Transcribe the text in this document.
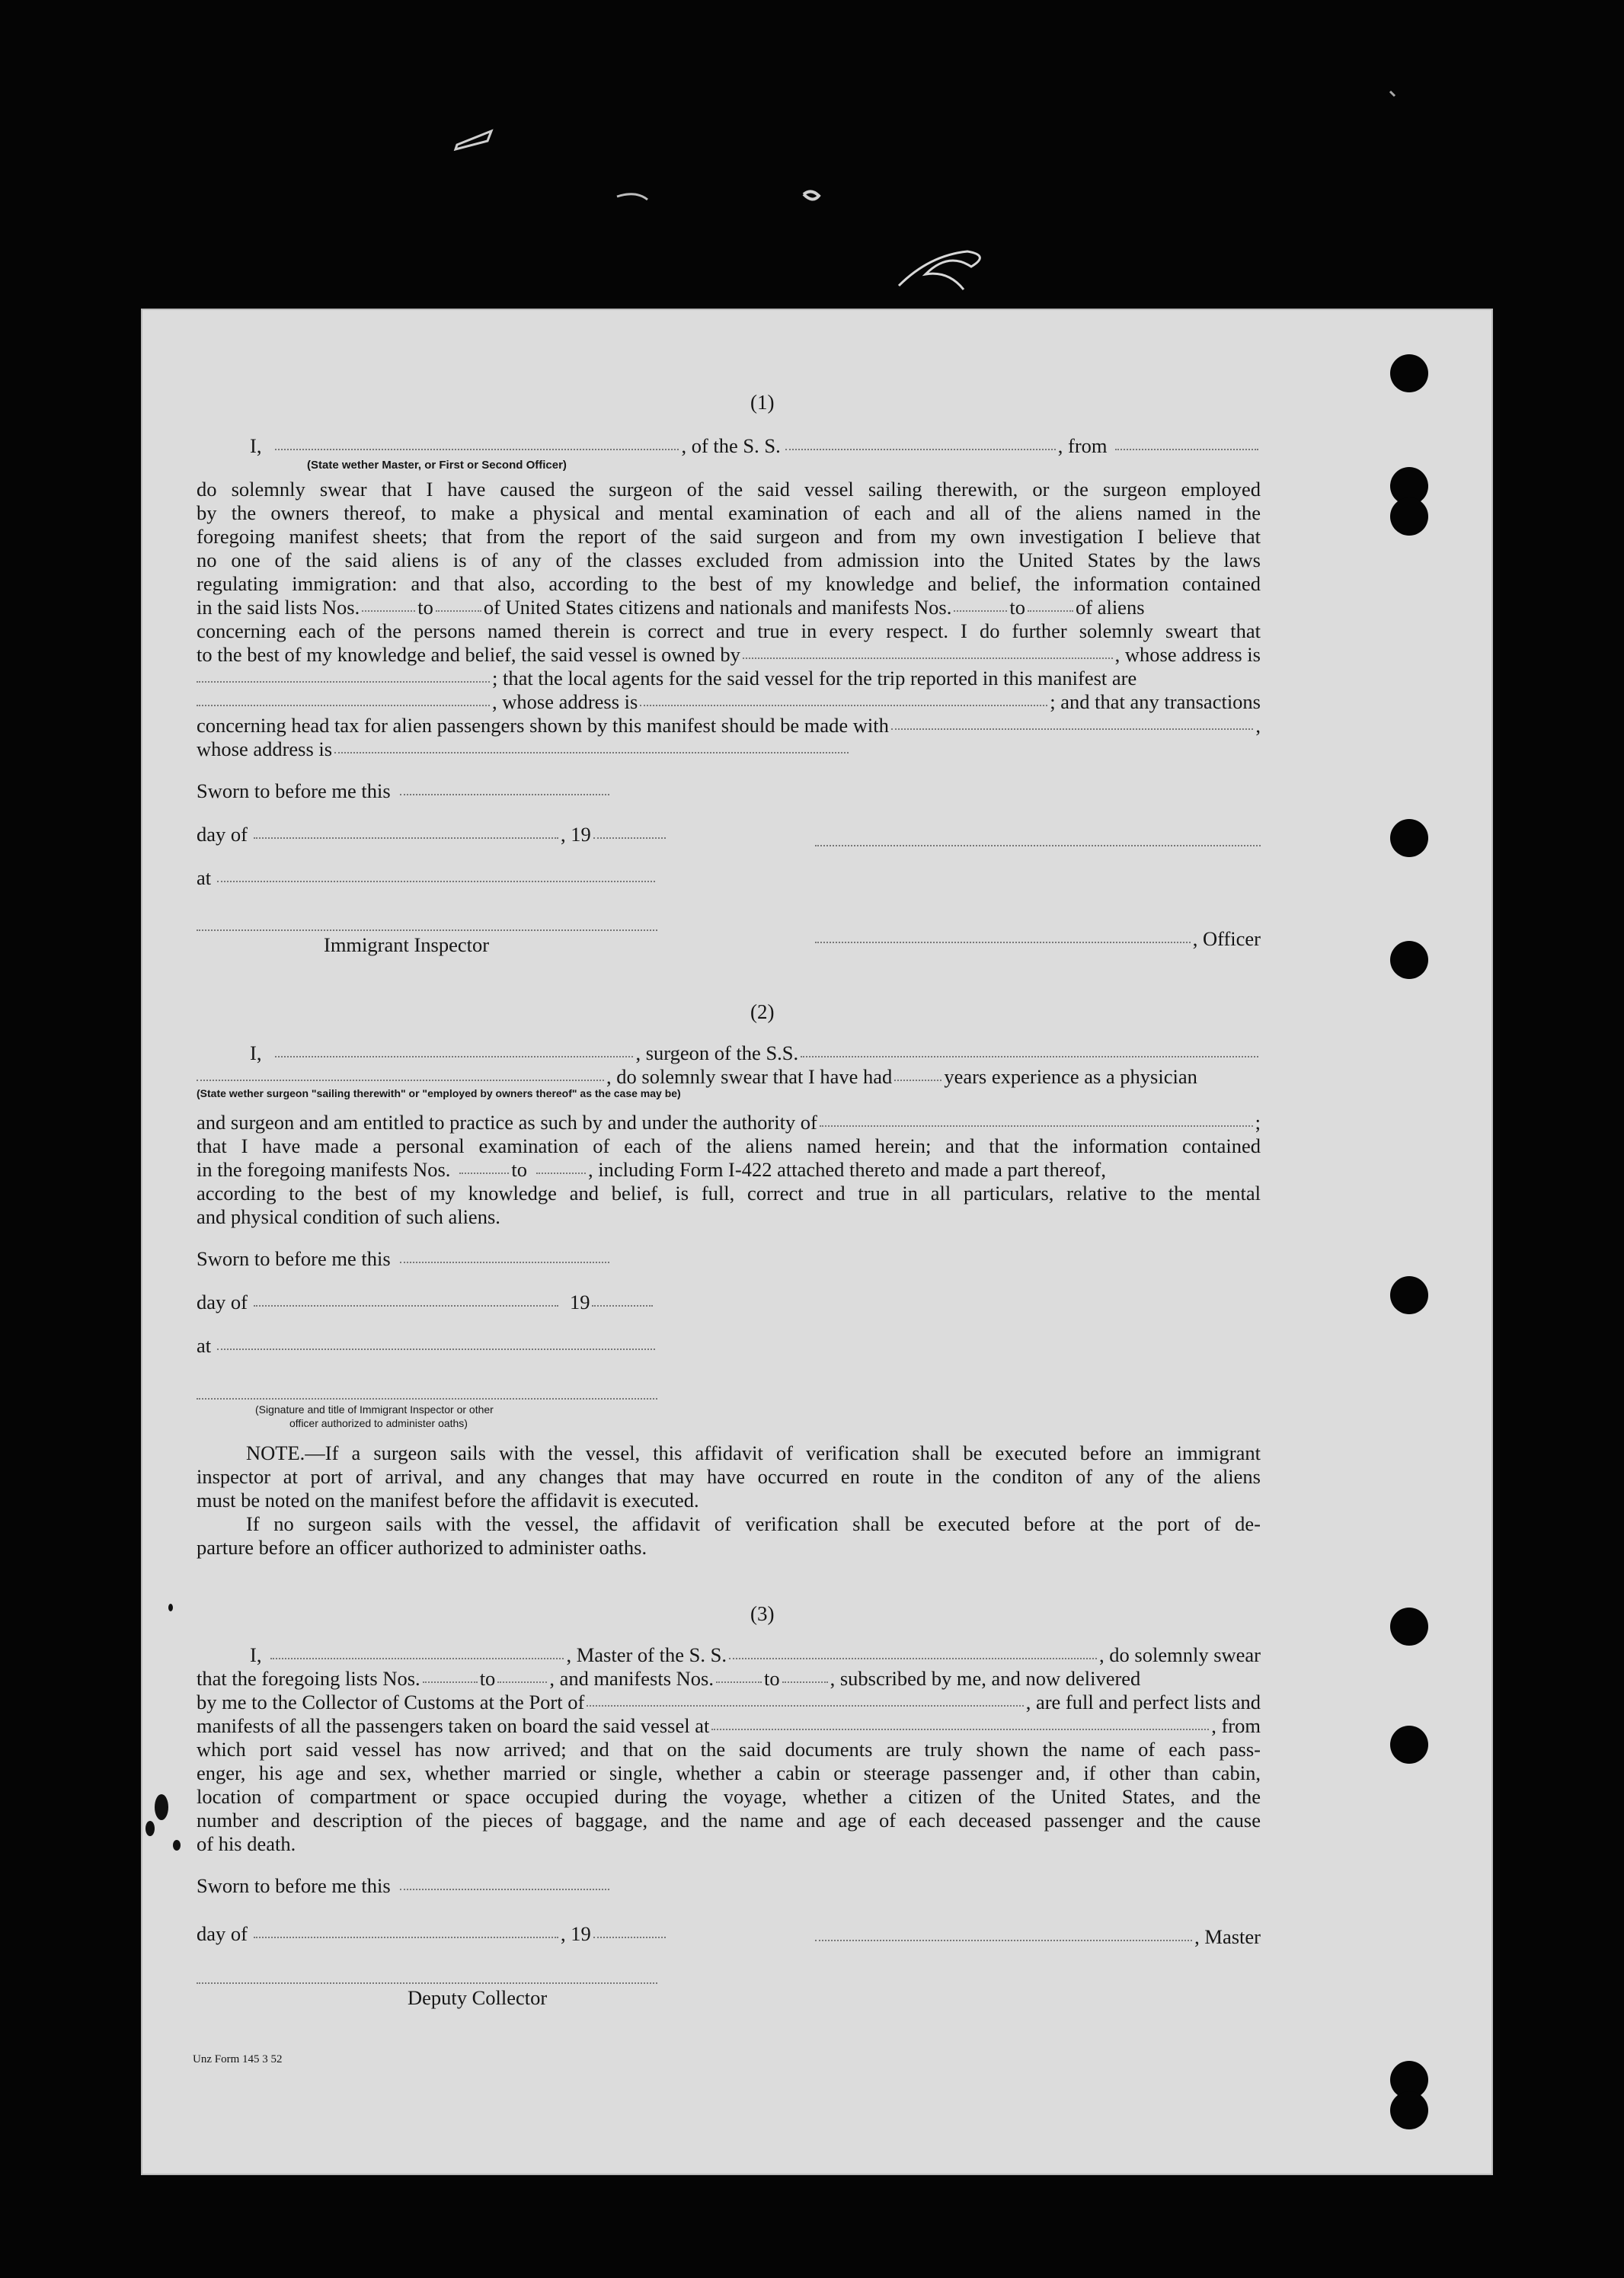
(1)
I,	, of the S. S.	, from
(State wether Master, or First or Second Officer)
do solemnly swear that I have caused the surgeon of the said vessel sailing therewith, or the surgeon employed
by the owners thereof, to make a physical and mental examination of each and all of the aliens named in the
foregoing manifest sheets; that from the report of the said surgeon and from my own investigation I believe that
no one of the said aliens is of any of the classes excluded from admission into the United States by the laws
regulating immigration: and that also, according to the best of my knowledge and belief, the information contained
in the said lists Nos.	to of United States citizens and nationals and manifests Nos.	to of aliens
concerning each of the persons named therein is correct and true in every respect. I do further solemnly sweart that
to the best of my knowledge and belief, the said vessel is owned by	, whose address is
; that the local agents for the said vessel for the trip reported in this manifest are
, whose address is	; and that any transactions
concerning head tax for alien passengers shown by this manifest should be made with	,
whose address is
Sworn to before me this
day of	, 19
at
Immigrant Inspector	, Officer
(2)
I,	, surgeon of the S.S.
, do solemnly swear that I have had	years experience as a physician
(State wether surgeon "sailing therewith" or "employed by owners thereof" as the case may be)
and surgeon and am entitled to practice as such by and under the authority of	;
that I have made a personal examination of each of the aliens named herein; and that the information contained
in the foregoing manifests Nos.	to	, including Form I-422 attached thereto and made a part thereof,
according to the best of my knowledge and belief, is full, correct and true in all particulars, relative to the mental
and physical condition of such aliens.
Sworn to before me this
day of	19
at
(Signature and title of Immigrant Inspector or other
officer authorized to administer oaths)
NOTE.—If a surgeon sails with the vessel, this affidavit of verification shall be executed before an immigrant
inspector at port of arrival, and any changes that may have occurred en route in the conditon of any of the aliens
must be noted on the manifest before the affidavit is executed.
If no surgeon sails with the vessel, the affidavit of verification shall be executed before at the port of de-
parture before an officer authorized to administer oaths.
(3)
I,	, Master of the S. S.	, do solemnly swear
that the foregoing lists Nos.	to	, and manifests Nos. to , subscribed by me, and now delivered
by me to the Collector of Customs at the Port of	, are full and perfect lists and
manifests of all the passengers taken on board the said vessel at	, from
which port said vessel has now arrived; and that on the said documents are truly shown the name of each pass-
enger, his age and sex, whether married or single, whether a cabin or steerage passenger and, if other than cabin,
location of compartment or space occupied during the voyage, whether a citizen of the United States, and the
number and description of the pieces of baggage, and the name and age of each deceased passenger and the cause
of his death.
Sworn to before me this
day of	, 19	, Master
Deputy Collector
Unz Form 145 3 52
